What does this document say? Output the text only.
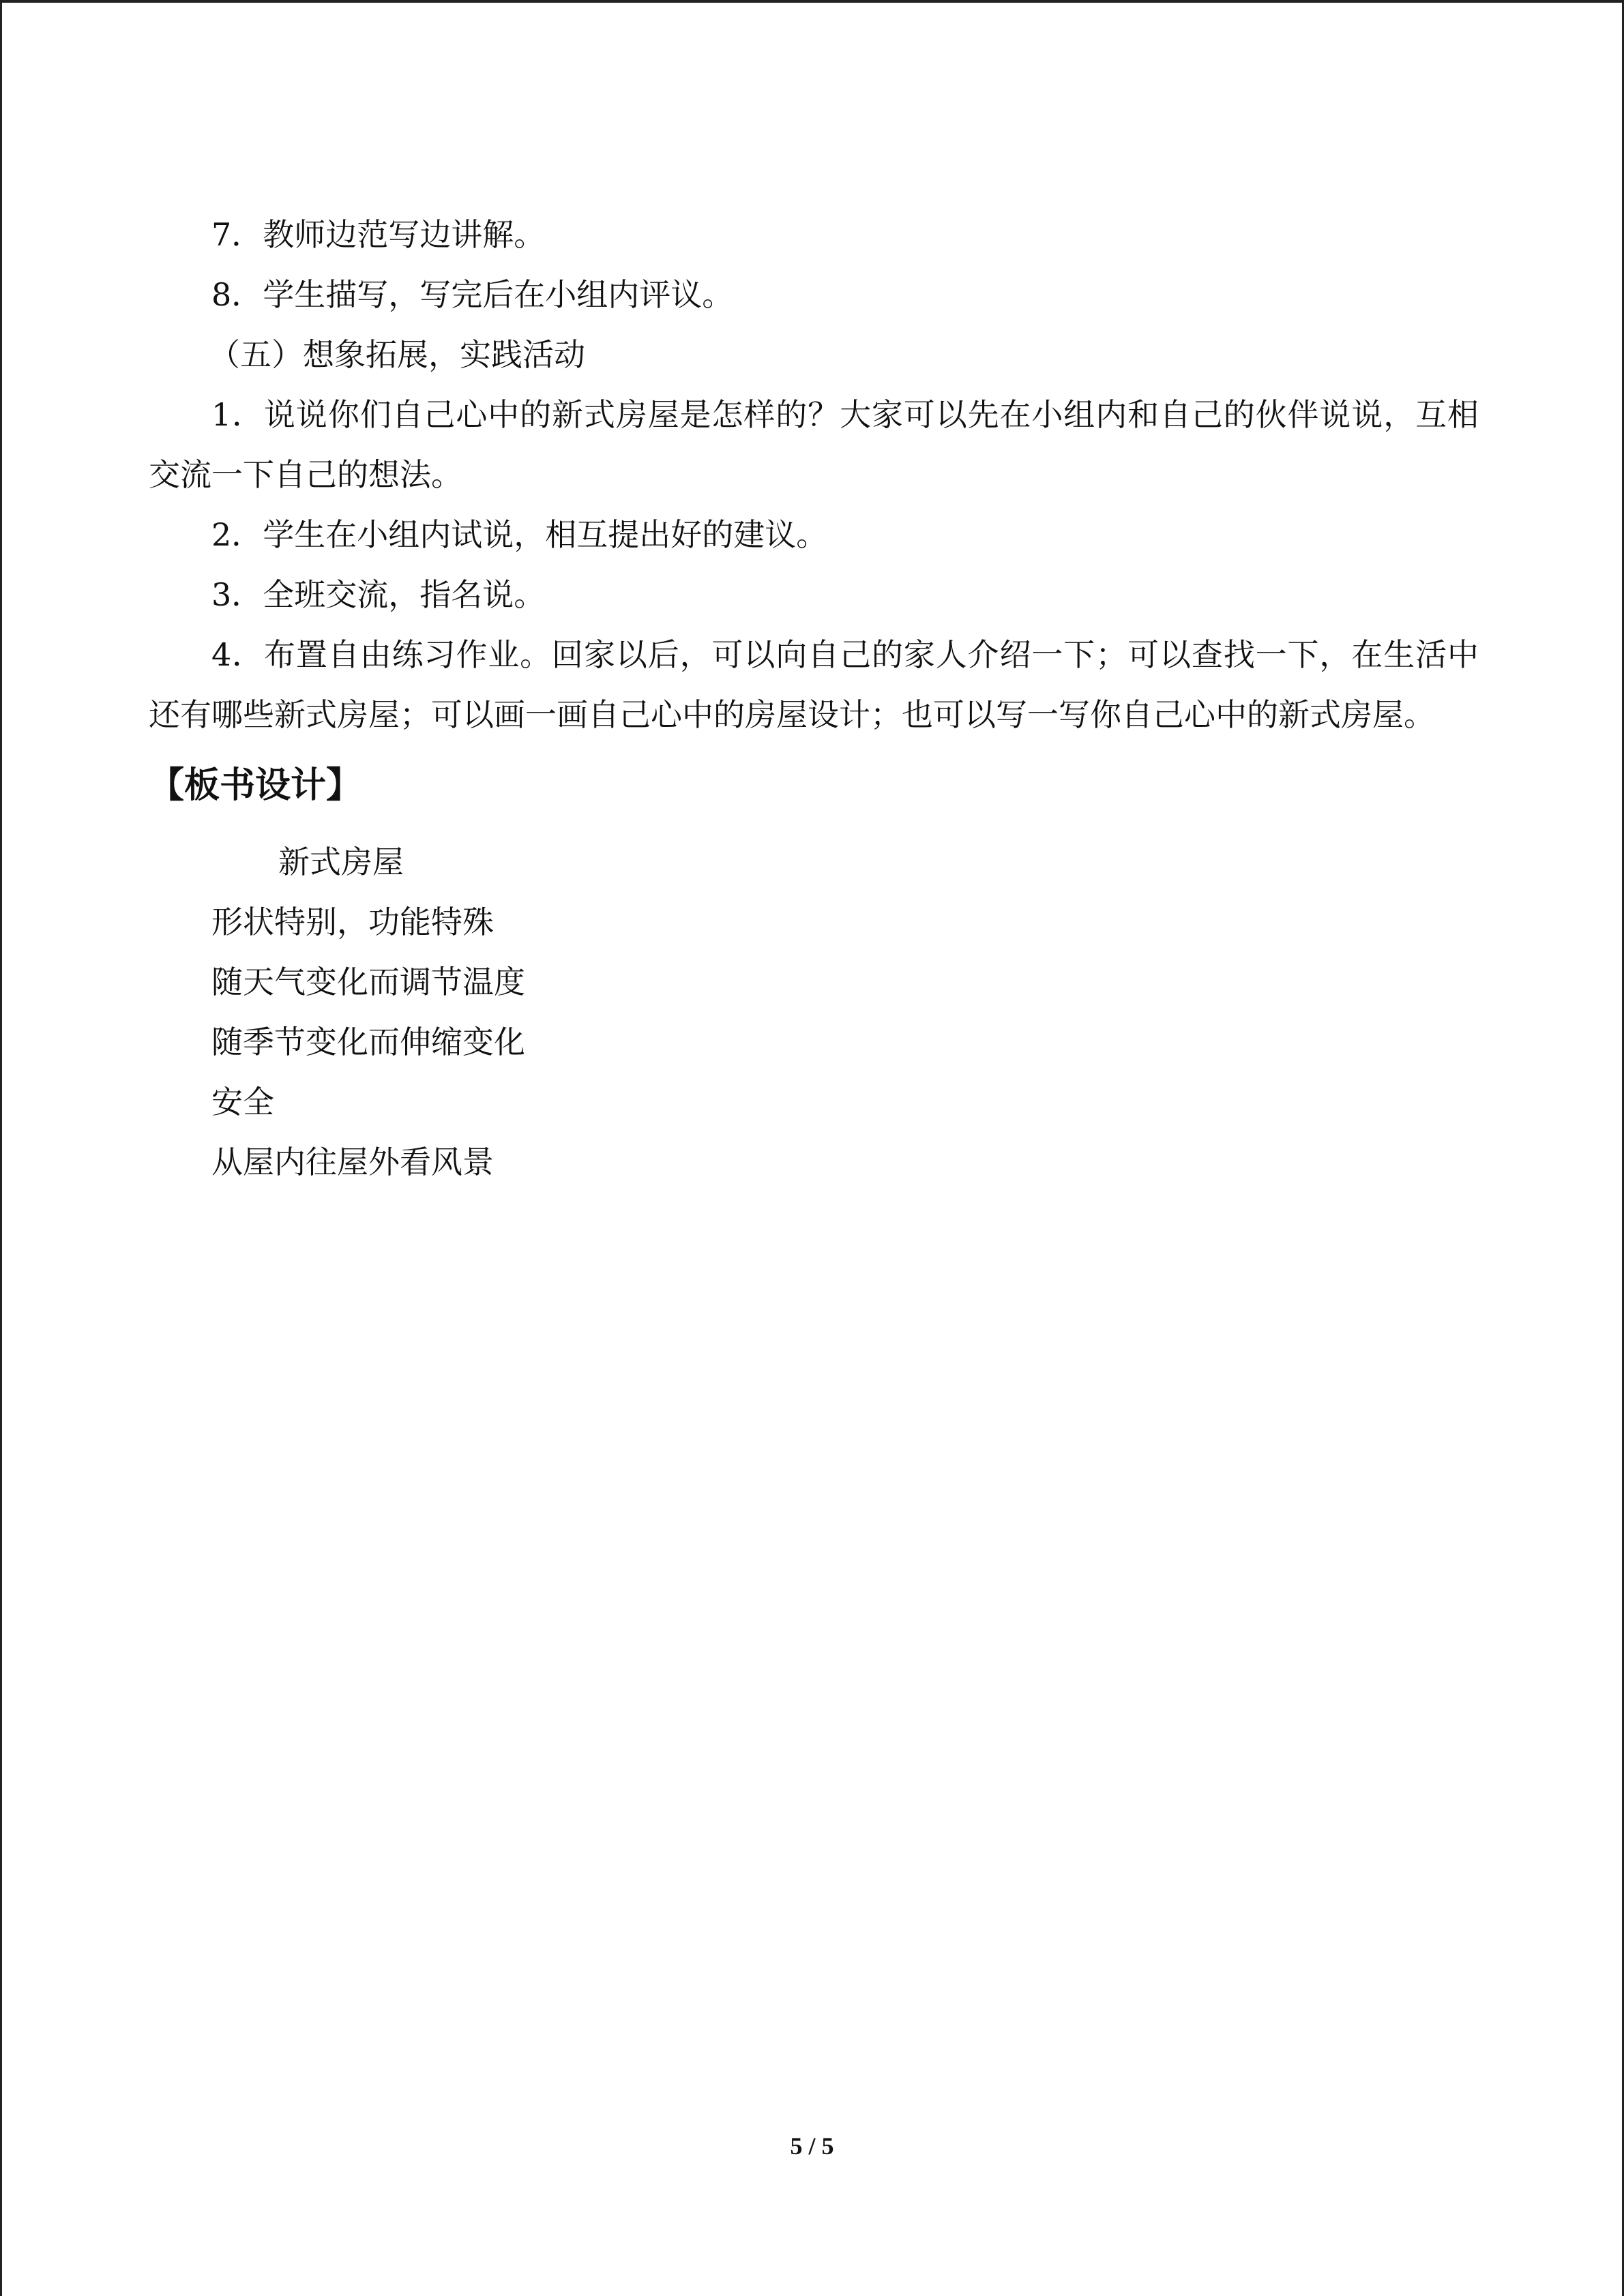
7．教师边范写边讲解。

8．学生描写，写完后在小组内评议。

（五）想象拓展，实践活动

1．说说你们自己心中的新式房屋是怎样的？大家可以先在小组内和自己的伙伴说说，互相交流一下自己的想法。

2．学生在小组内试说，相互提出好的建议。

3．全班交流，指名说。

4．布置自由练习作业。回家以后，可以向自己的家人介绍一下；可以查找一下，在生活中还有哪些新式房屋；可以画一画自己心中的房屋设计；也可以写一写你自己心中的新式房屋。

【板书设计】

新式房屋

形状特别，功能特殊

随天气变化而调节温度

随季节变化而伸缩变化

安全

从屋内往屋外看风景

5 / 5
